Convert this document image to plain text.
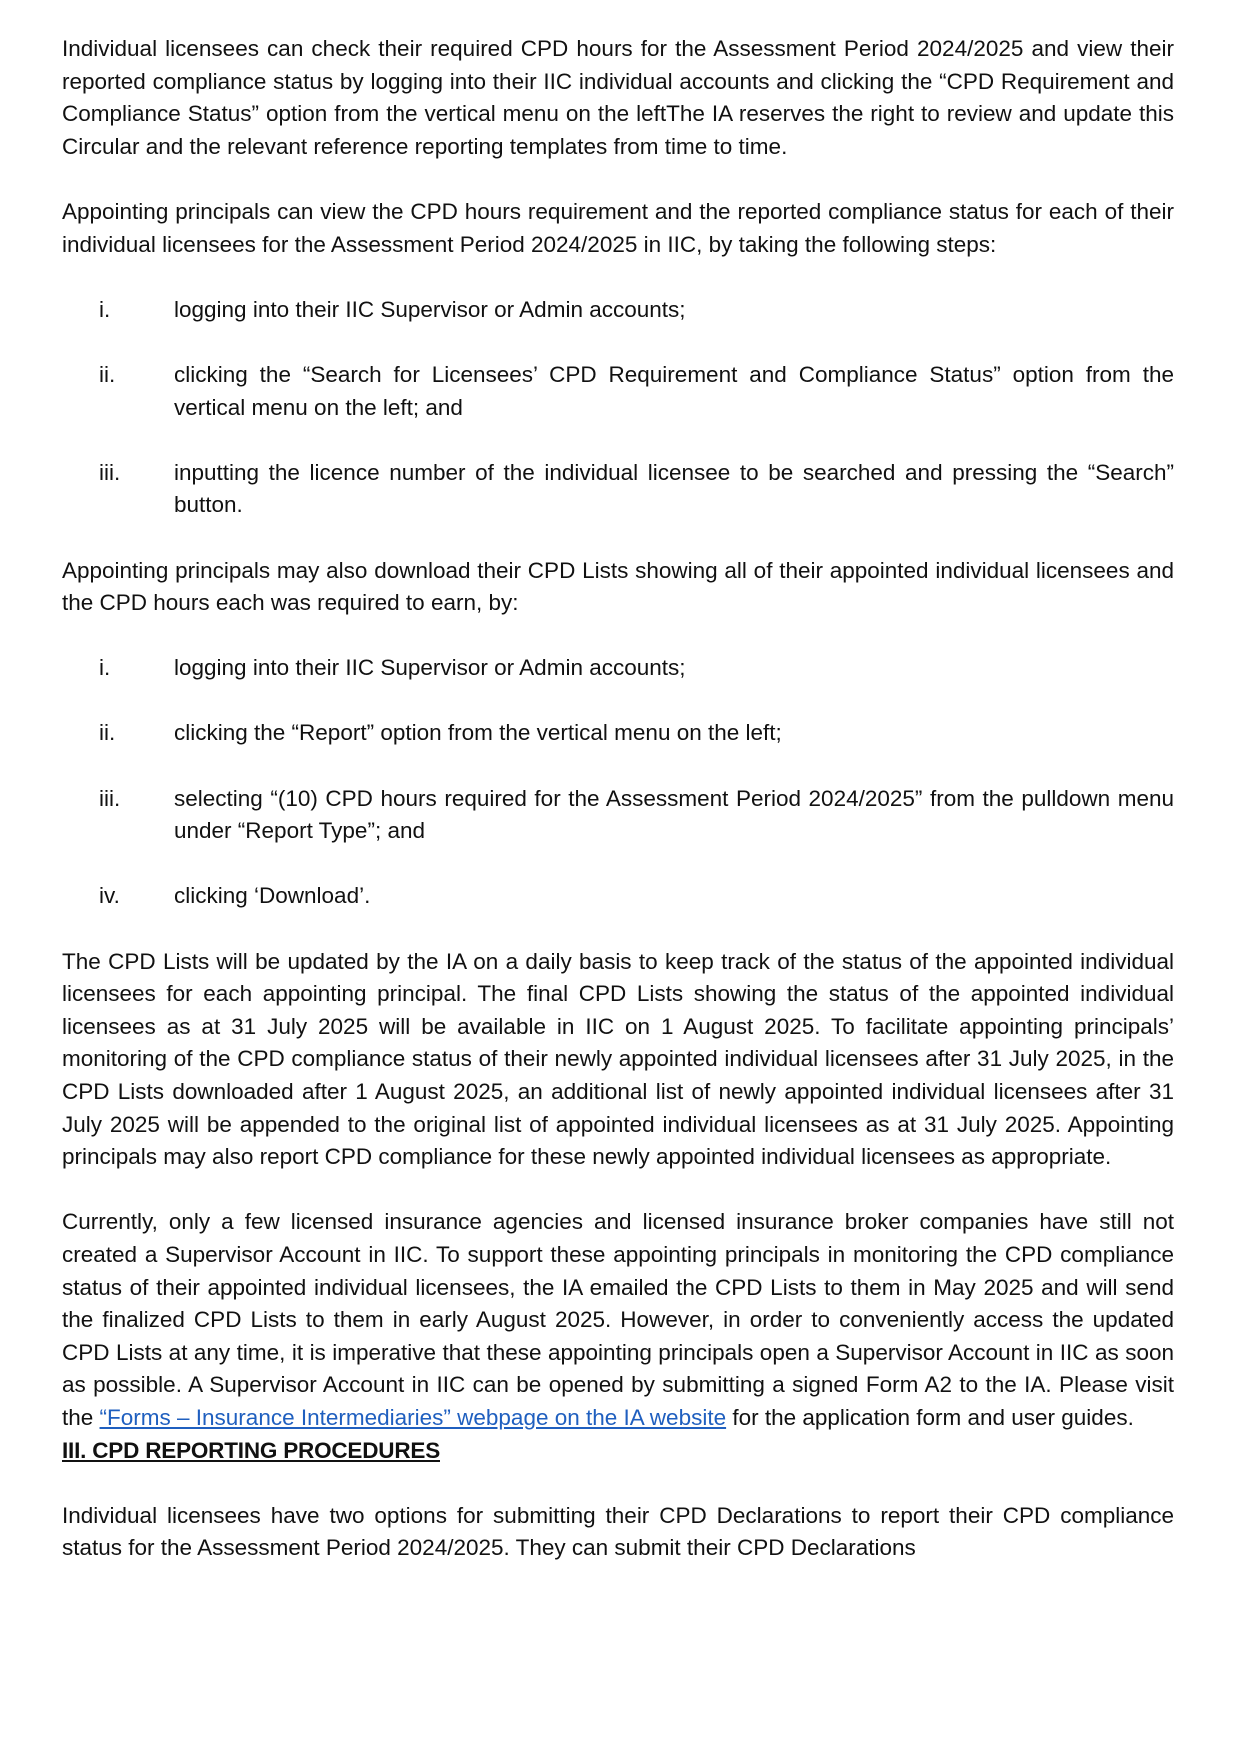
Individual licensees can check their required CPD hours for the Assessment Period 2024/2025 and view their reported compliance status by logging into their IIC individual accounts and clicking the “CPD Requirement and Compliance Status” option from the vertical menu on the leftThe IA reserves the right to review and update this Circular and the relevant reference reporting templates from time to time.

Appointing principals can view the CPD hours requirement and the reported compliance status for each of their individual licensees for the Assessment Period 2024/2025 in IIC, by taking the following steps:

i.	logging into their IIC Supervisor or Admin accounts;
ii.	clicking the “Search for Licensees’ CPD Requirement and Compliance Status” option from the vertical menu on the left; and
iii.	inputting the licence number of the individual licensee to be searched and pressing the “Search” button.

Appointing principals may also download their CPD Lists showing all of their appointed individual licensees and the CPD hours each was required to earn, by:

i.	logging into their IIC Supervisor or Admin accounts;
ii.	clicking the “Report” option from the vertical menu on the left;
iii.	selecting “(10) CPD hours required for the Assessment Period 2024/2025” from the pulldown menu under “Report Type”; and
iv.	clicking ‘Download’.

The CPD Lists will be updated by the IA on a daily basis to keep track of the status of the appointed individual licensees for each appointing principal. The final CPD Lists showing the status of the appointed individual licensees as at 31 July 2025 will be available in IIC on 1 August 2025. To facilitate appointing principals’ monitoring of the CPD compliance status of their newly appointed individual licensees after 31 July 2025, in the CPD Lists downloaded after 1 August 2025, an additional list of newly appointed individual licensees after 31 July 2025 will be appended to the original list of appointed individual licensees as at 31 July 2025. Appointing principals may also report CPD compliance for these newly appointed individual licensees as appropriate.

Currently, only a few licensed insurance agencies and licensed insurance broker companies have still not created a Supervisor Account in IIC. To support these appointing principals in monitoring the CPD compliance status of their appointed individual licensees, the IA emailed the CPD Lists to them in May 2025 and will send the finalized CPD Lists to them in early August 2025. However, in order to conveniently access the updated CPD Lists at any time, it is imperative that these appointing principals open a Supervisor Account in IIC as soon as possible. A Supervisor Account in IIC can be opened by submitting a signed Form A2 to the IA. Please visit the “Forms – Insurance Intermediaries” webpage on the IA website for the application form and user guides.

III. CPD REPORTING PROCEDURES

Individual licensees have two options for submitting their CPD Declarations to report their CPD compliance status for the Assessment Period 2024/2025. They can submit their CPD Declarations
